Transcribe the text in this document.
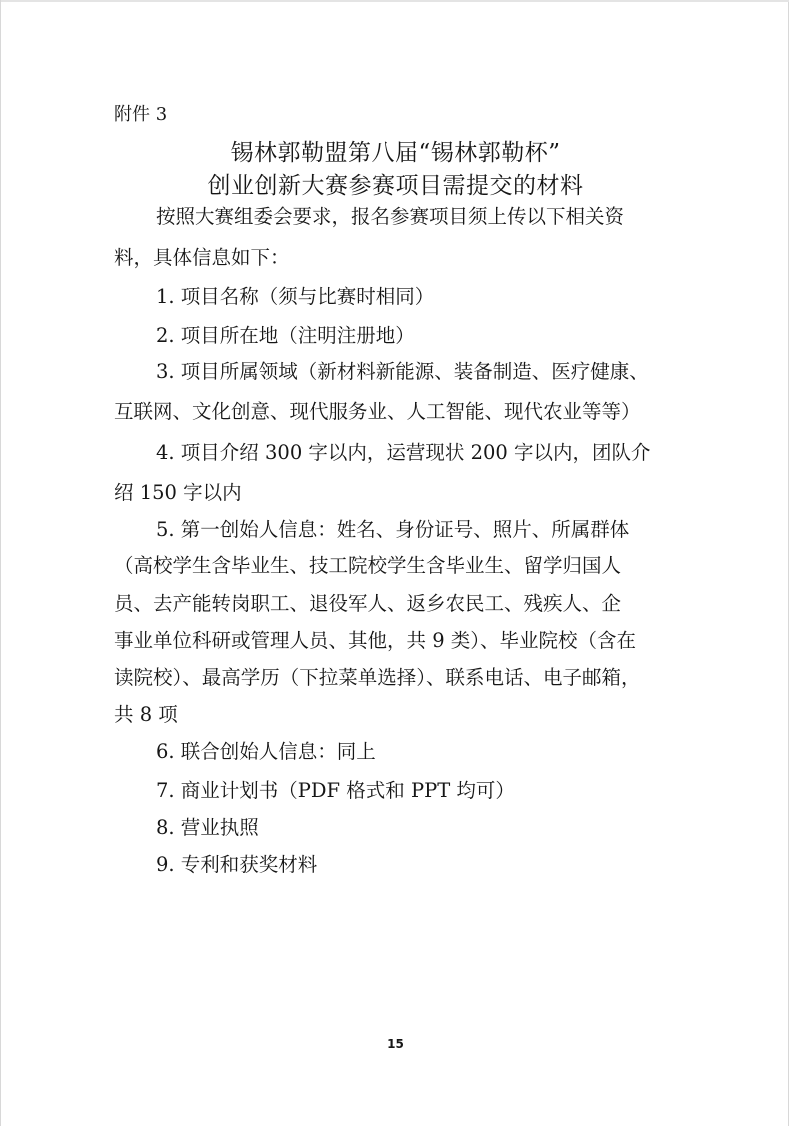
附件 3
锡林郭勒盟第八届“锡林郭勒杯”
创业创新大赛参赛项目需提交的材料
按照大赛组委会要求，报名参赛项目须上传以下相关资
料，具体信息如下：
1. 项目名称（须与比赛时相同）
2. 项目所在地（注明注册地）
3. 项目所属领域（新材料新能源、装备制造、医疗健康、
互联网、文化创意、现代服务业、人工智能、现代农业等等）
4. 项目介绍 300 字以内，运营现状 200 字以内，团队介
绍 150 字以内
5. 第一创始人信息：姓名、身份证号、照片、所属群体
（高校学生含毕业生、技工院校学生含毕业生、留学归国人
员、去产能转岗职工、退役军人、返乡农民工、残疾人、企
事业单位科研或管理人员、其他，共 9 类）、毕业院校（含在
读院校）、最高学历（下拉菜单选择）、联系电话、电子邮箱，
共 8 项
6. 联合创始人信息：同上
7. 商业计划书（PDF 格式和 PPT 均可）
8. 营业执照
9. 专利和获奖材料
15
